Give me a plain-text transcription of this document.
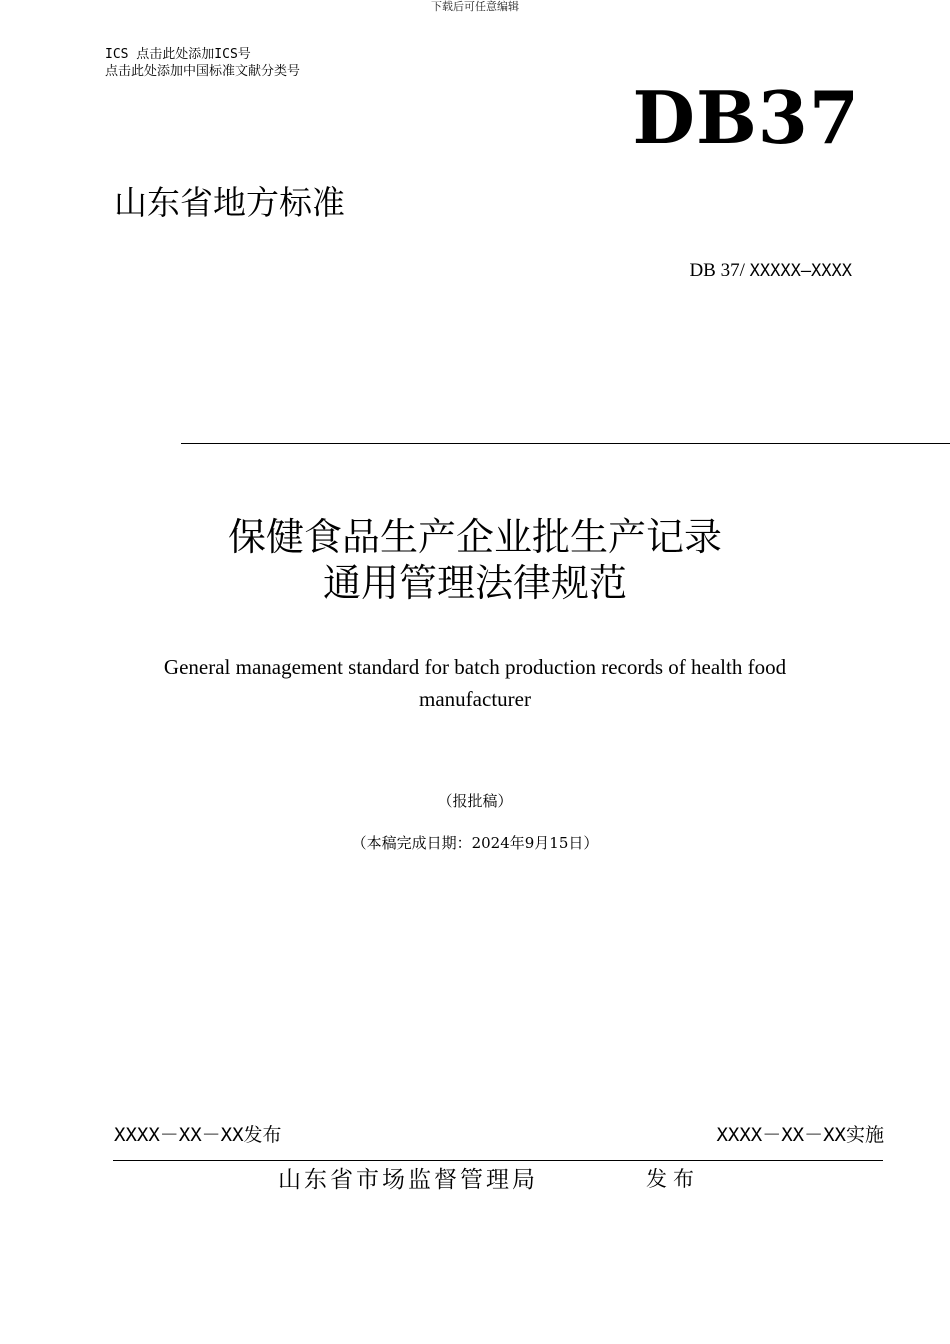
下载后可任意编辑
ICS 点击此处添加ICS号
点击此处添加中国标准文献分类号
DB37
山东省地方标准
DB 37/ XXXXX—XXXX
保健食品生产企业批生产记录
通用管理法律规范
General management standard for batch production records of health food
manufacturer
（报批稿）
（本稿完成日期：2024年9月15日）
XXXX－XX－XX发布	XXXX－XX－XX实施
山东省市场监督管理局	发布
